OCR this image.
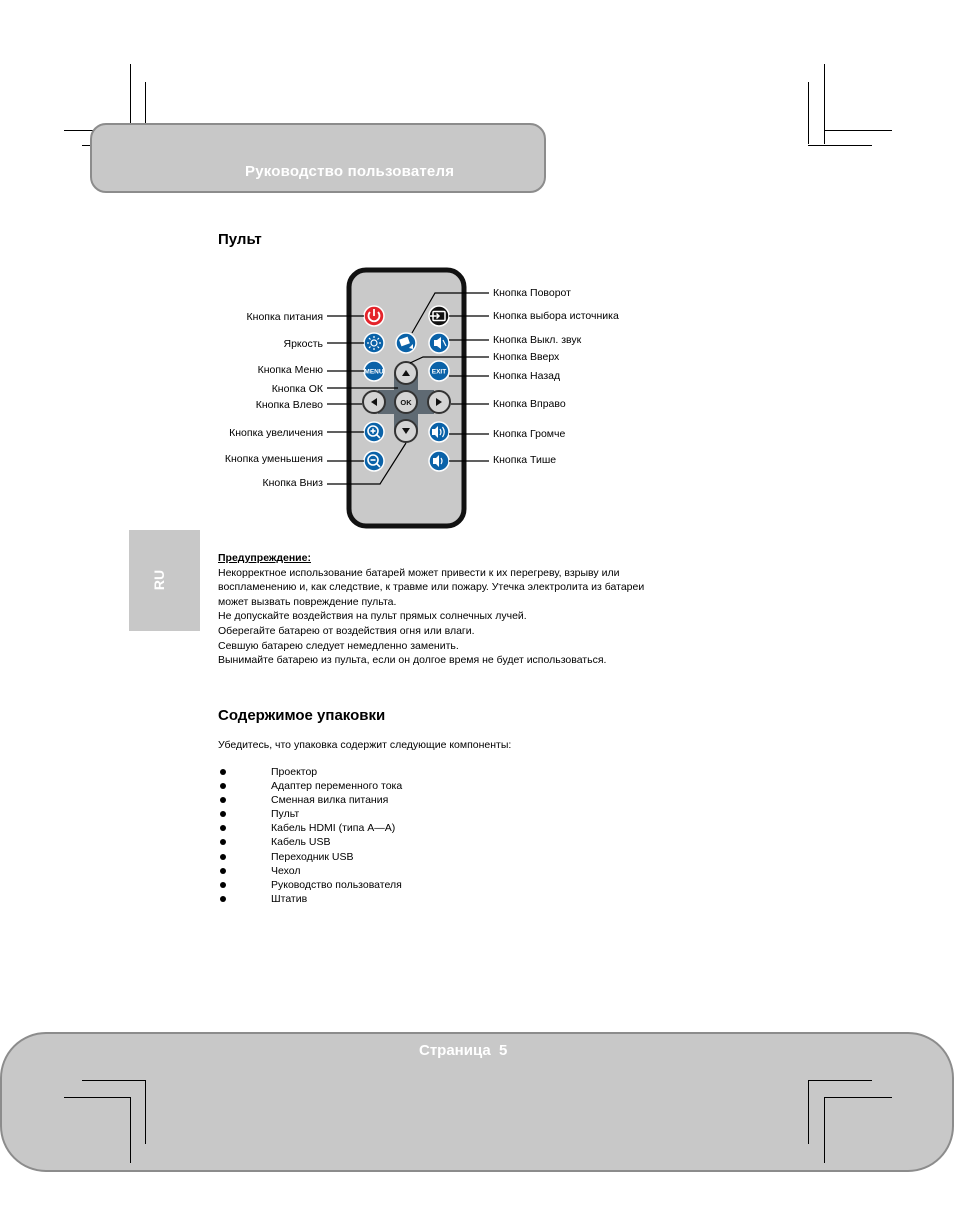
Руководство пользователя
Пульт
MENU	EXIT
OK
Кнопка питания
Яркость
Кнопка Меню
Кнопка ОК
Кнопка Влево
Кнопка увеличения
Кнопка уменьшения
Кнопка Вниз
Кнопка Поворот
Кнопка выбора источника
Кнопка Выкл. звук
Кнопка Вверх
Кнопка Назад
Кнопка Вправо
Кнопка Громче
Кнопка Тише
RU

Предупреждение:

Некорректное использование батарей может привести к их перегреву, взрыву или

воспламенению и, как следствие, к травме или пожару. Утечка электролита из батареи

может вызвать повреждение пульта.

Не допускайте воздействия на пульт прямых солнечных лучей.

Оберегайте батарею от воздействия огня или влаги.

Севшую батарею следует немедленно заменить.

Вынимайте батарею из пульта, если он долгое время не будет использоваться.

Содержимое упаковки
Убедитесь, что упаковка содержит следующие компоненты:
Проектор
Адаптер переменного тока
Сменная вилка питания
Пульт
Кабель HDMI (типа A—A)
Кабель USB
Переходник USB
Чехол
Руководство пользователя
Штатив
Страница  5
